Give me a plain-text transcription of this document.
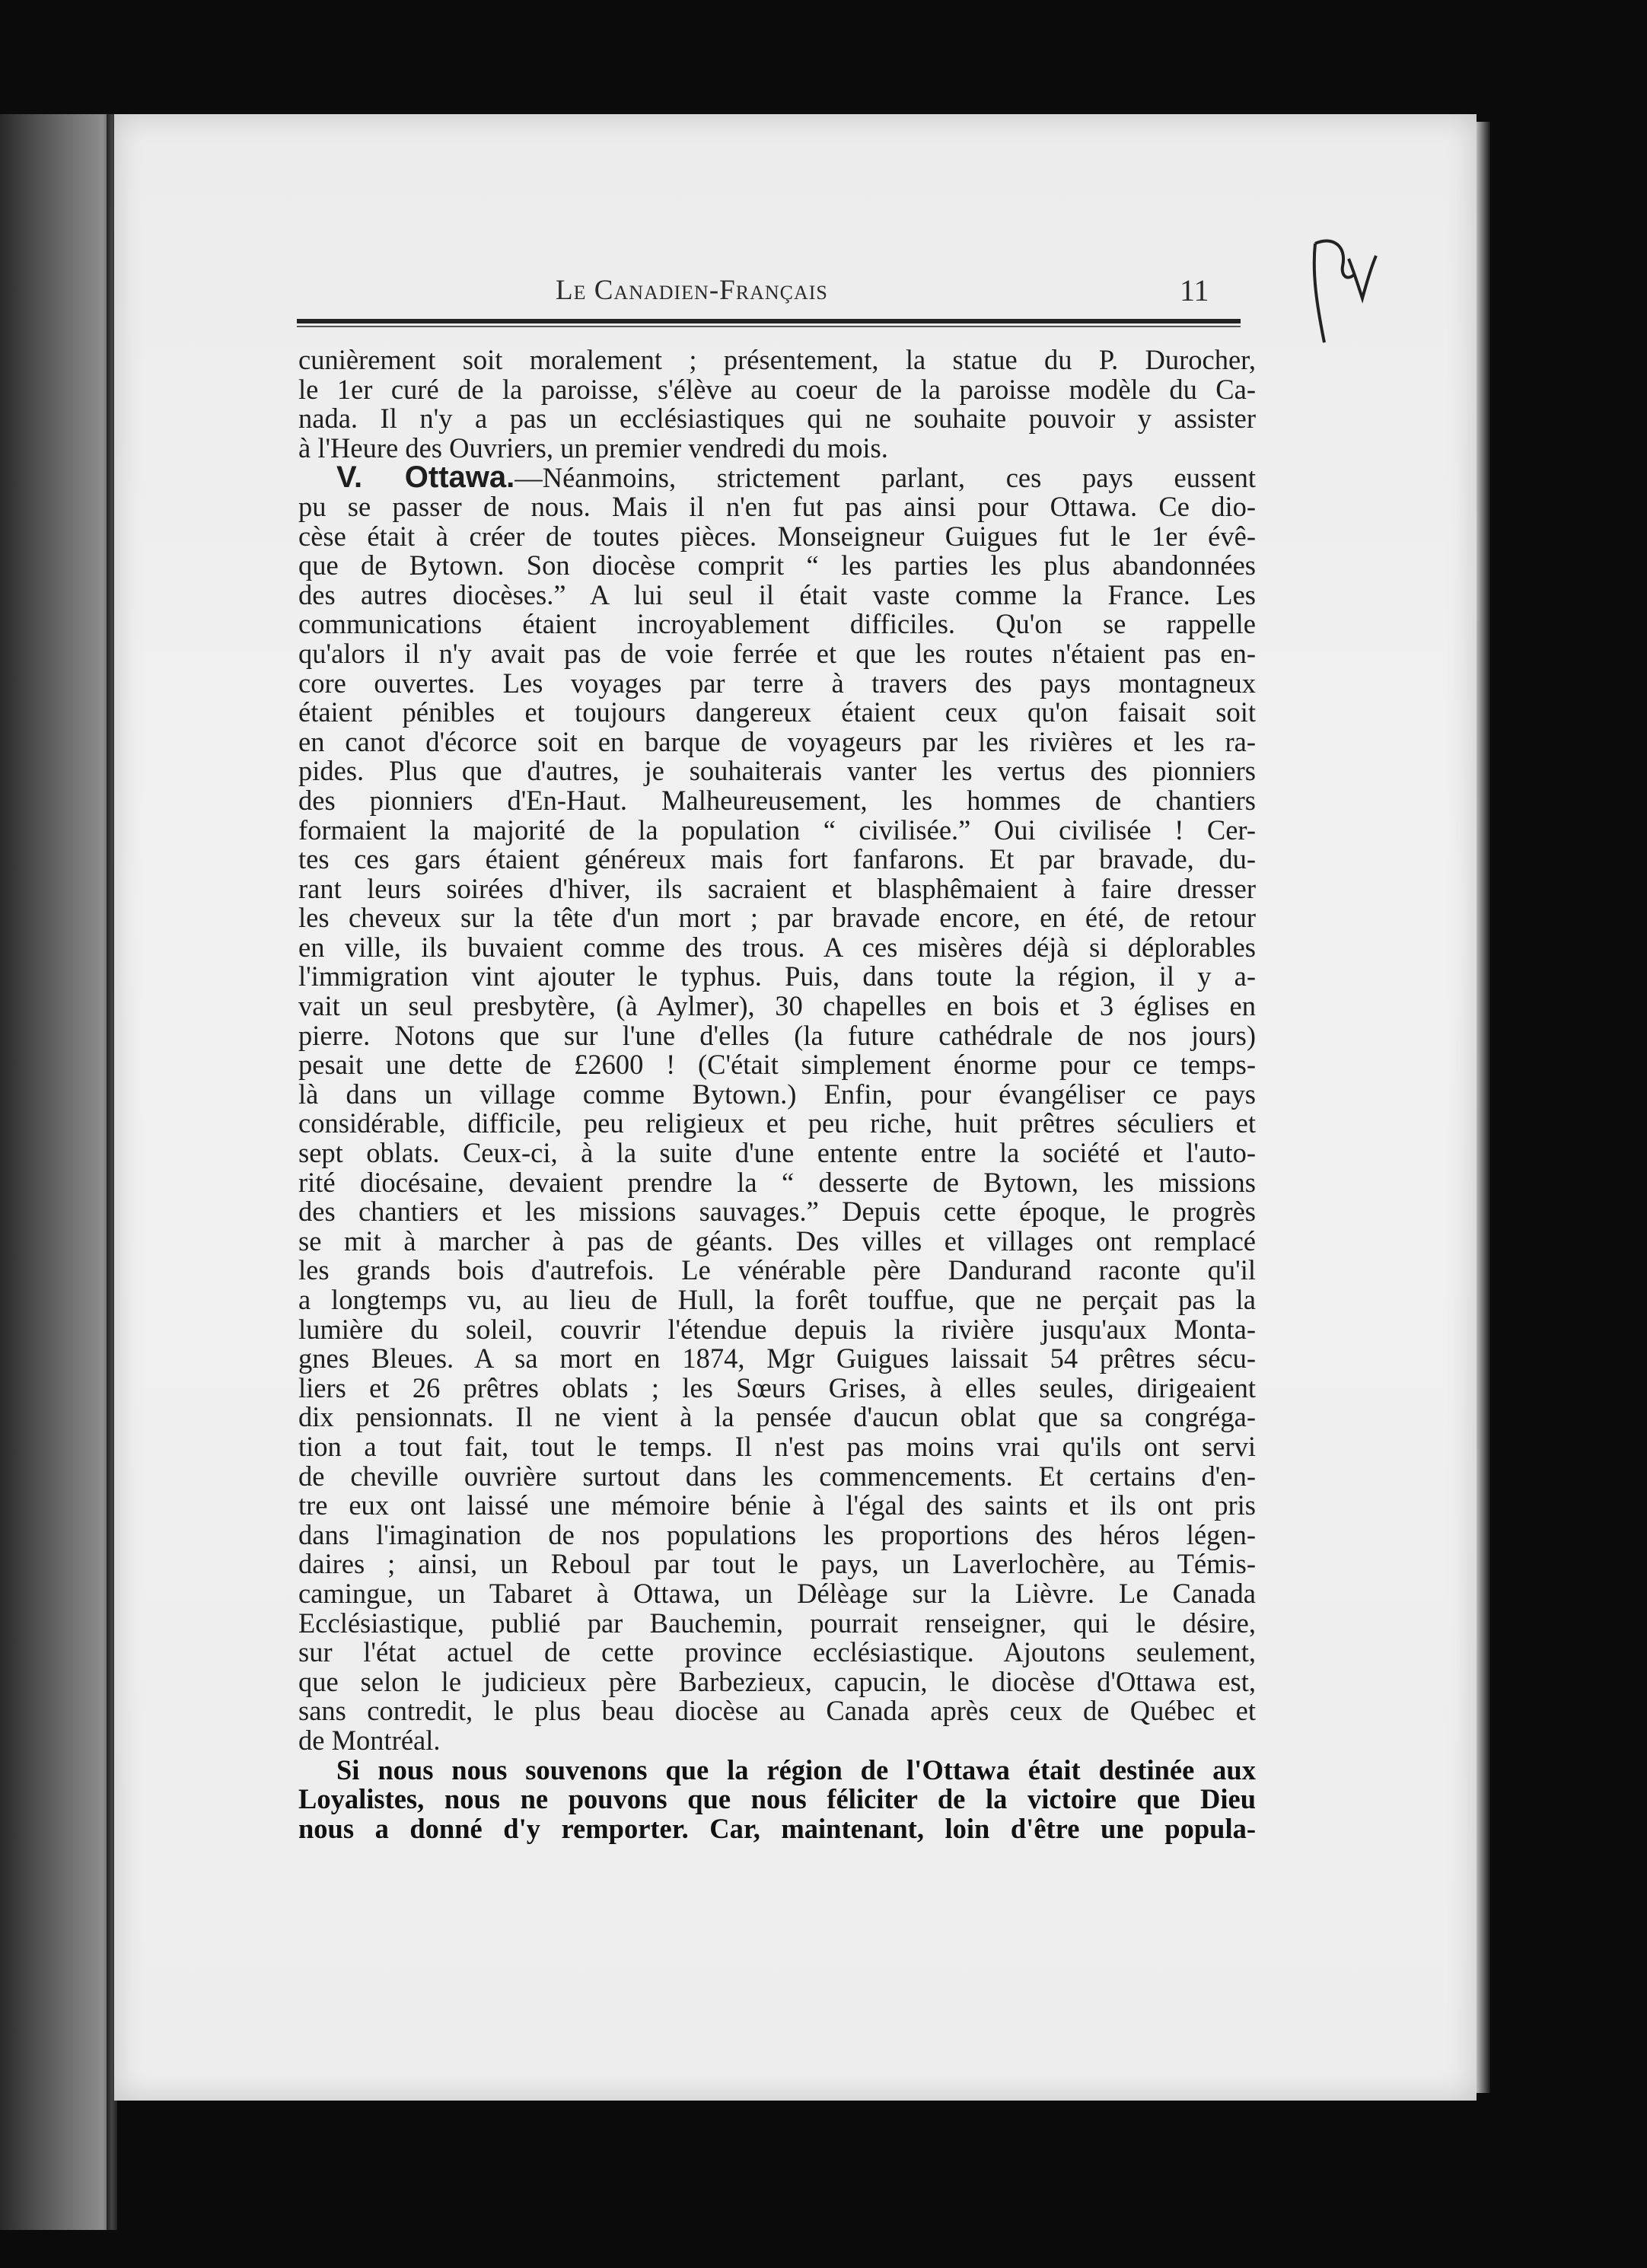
Le Canadien-Français	11
cunièrement soit moralement ; présentement, la statue du P. Durocher,
le 1er curé de la paroisse, s'élève au coeur de la paroisse modèle du Ca-
nada. Il n'y a pas un ecclésiastiques qui ne souhaite pouvoir y assister
à l'Heure des Ouvriers, un premier vendredi du mois.
V. Ottawa.—Néanmoins, strictement parlant, ces pays eussent
pu se passer de nous. Mais il n'en fut pas ainsi pour Ottawa. Ce dio-
cèse était à créer de toutes pièces. Monseigneur Guigues fut le 1er évê-
que de Bytown. Son diocèse comprit “ les parties les plus abandonnées
des autres diocèses.” A lui seul il était vaste comme la France. Les
communications étaient incroyablement difficiles. Qu'on se rappelle
qu'alors il n'y avait pas de voie ferrée et que les routes n'étaient pas en-
core ouvertes. Les voyages par terre à travers des pays montagneux
étaient pénibles et toujours dangereux étaient ceux qu'on faisait soit
en canot d'écorce soit en barque de voyageurs par les rivières et les ra-
pides. Plus que d'autres, je souhaiterais vanter les vertus des pionniers
des pionniers d'En-Haut. Malheureusement, les hommes de chantiers
formaient la majorité de la population “ civilisée.” Oui civilisée ! Cer-
tes ces gars étaient généreux mais fort fanfarons. Et par bravade, du-
rant leurs soirées d'hiver, ils sacraient et blasphêmaient à faire dresser
les cheveux sur la tête d'un mort ; par bravade encore, en été, de retour
en ville, ils buvaient comme des trous. A ces misères déjà si déplorables
l'immigration vint ajouter le typhus. Puis, dans toute la région, il y a-
vait un seul presbytère, (à Aylmer), 30 chapelles en bois et 3 églises en
pierre. Notons que sur l'une d'elles (la future cathédrale de nos jours)
pesait une dette de £2600 ! (C'était simplement énorme pour ce temps-
là dans un village comme Bytown.) Enfin, pour évangéliser ce pays
considérable, difficile, peu religieux et peu riche, huit prêtres séculiers et
sept oblats. Ceux-ci, à la suite d'une entente entre la société et l'auto-
rité diocésaine, devaient prendre la “ desserte de Bytown, les missions
des chantiers et les missions sauvages.” Depuis cette époque, le progrès
se mit à marcher à pas de géants. Des villes et villages ont remplacé
les grands bois d'autrefois. Le vénérable père Dandurand raconte qu'il
a longtemps vu, au lieu de Hull, la forêt touffue, que ne perçait pas la
lumière du soleil, couvrir l'étendue depuis la rivière jusqu'aux Monta-
gnes Bleues. A sa mort en 1874, Mgr Guigues laissait 54 prêtres sécu-
liers et 26 prêtres oblats ; les Sœurs Grises, à elles seules, dirigeaient
dix pensionnats. Il ne vient à la pensée d'aucun oblat que sa congréga-
tion a tout fait, tout le temps. Il n'est pas moins vrai qu'ils ont servi
de cheville ouvrière surtout dans les commencements. Et certains d'en-
tre eux ont laissé une mémoire bénie à l'égal des saints et ils ont pris
dans l'imagination de nos populations les proportions des héros légen-
daires ; ainsi, un Reboul par tout le pays, un Laverlochère, au Témis-
camingue, un Tabaret à Ottawa, un Délèage sur la Lièvre. Le Canada
Ecclésiastique, publié par Bauchemin, pourrait renseigner, qui le désire,
sur l'état actuel de cette province ecclésiastique. Ajoutons seulement,
que selon le judicieux père Barbezieux, capucin, le diocèse d'Ottawa est,
sans contredit, le plus beau diocèse au Canada après ceux de Québec et
de Montréal.
Si nous nous souvenons que la région de l'Ottawa était destinée aux
Loyalistes, nous ne pouvons que nous féliciter de la victoire que Dieu
nous a donné d'y remporter. Car, maintenant, loin d'être une popula-
